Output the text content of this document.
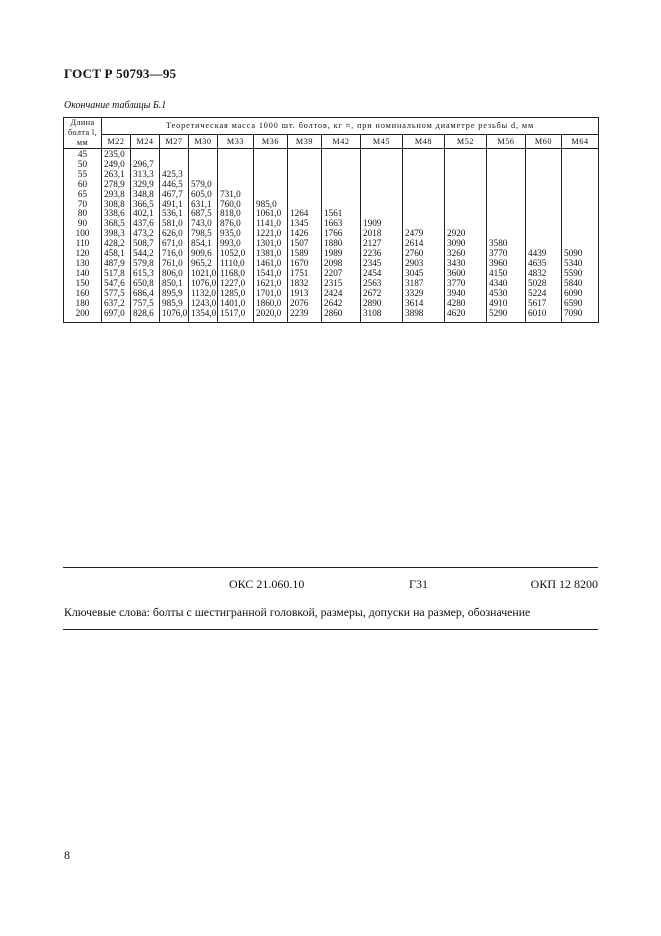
ГОСТ Р 50793—95
Окончание таблицы Б.1
Длина
болта l,
мм	Теоретическая масса 1000 шт. болтов, кг ≈, при номинальном диаметре резьбы d, мм													
	М22	М24	М27	М30	М33	М36	М39	М42	М45	М48	М52	М56	М60	М64
45	235,0													
50	249,0	296,7												
55	263,1	313,3	425,3											
60	278,9	329,9	446,5	579,0										
65	293,8	348,8	467,7	605,0	731,0									
70	308,8	366,5	491,1	631,1	760,0	985,0								
80	338,6	402,1	536,1	687,5	818,0	1061,0	1264	1561						
90	368,5	437,6	581,0	743,0	876,0	1141,0	1345	1663	1909					
100	398,3	473,2	626,0	798,5	935,0	1221,0	1426	1766	2018	2479	2920			
110	428,2	508,7	671,0	854,1	993,0	1301,0	1507	1880	2127	2614	3090	3580		
120	458,1	544,2	716,0	909,6	1052,0	1381,0	1589	1989	2236	2760	3260	3770	4439	5090
130	487,9	579,8	761,0	965,2	1110,0	1461,0	1670	2098	2345	2903	3430	3960	4635	5340
140	517,8	615,3	806,0	1021,0	1168,0	1541,0	1751	2207	2454	3045	3600	4150	4832	5590
150	547,6	650,8	850,1	1076,0	1227,0	1621,0	1832	2315	2563	3187	3770	4340	5028	5840
160	577,5	686,4	895,9	1132,0	1285,0	1701,0	1913	2424	2672	3329	3940	4530	5224	6090
180	637,2	757,5	985,9	1243,0	1401,0	1860,0	2076	2642	2890	3614	4280	4910	5617	6590
200	697,0	828,6	1076,0	1354,0	1517,0	2020,0	2239	2860	3108	3898	4620	5290	6010	7090
ОКС 21.060.10	Г31	ОКП 12 8200
Ключевые слова: болты с шестигранной головкой, размеры, допуски на размер, обозначение
8
